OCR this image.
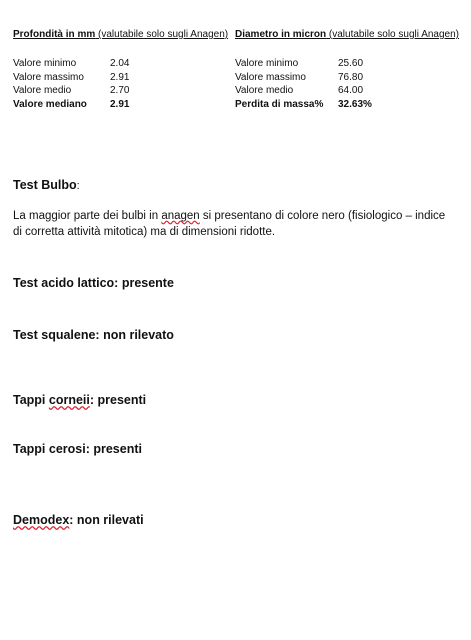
Profondità in mm (valutabile solo sugli Anagen) Diametro in micron (valutabile solo sugli Anagen)
Valore minimo	2.04
Valore massimo	2.91
Valore medio	2.70
Valore mediano	2.91
Valore minimo	25.60
Valore massimo	76.80
Valore medio	64.00
Perdita di massa%	32.63%
Test Bulbo:
La maggior parte dei bulbi in anagen si presentano di colore nero (fisiologico – indice di corretta attività mitotica) ma di dimensioni ridotte.
Test acido lattico: presente
Test squalene: non rilevato
Tappi corneii: presenti
Tappi cerosi: presenti
Demodex: non rilevati
